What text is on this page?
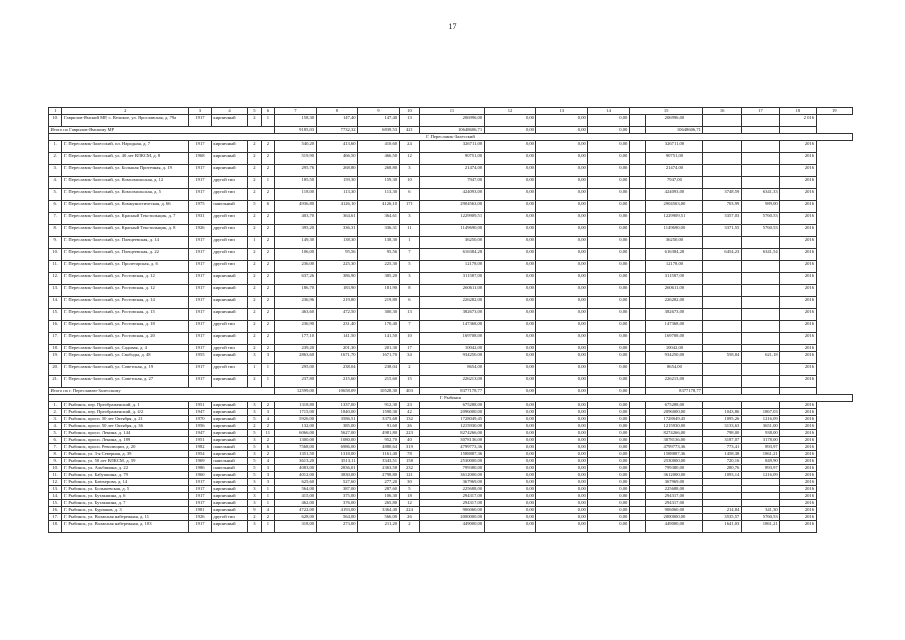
17
1	2	3	4	5	6	7	8	9	10	11	12	13	14	15		16	17	18	19
10.	Гаврилов-Ямский МР, с. Великое, ул. Ярославская, д. 79а	1917	кирпичный	2	1	158,30	147,40	147,40	13	206996,00	0,00	0,00	0,00		206996,00			2 016	
Итого по Гаврилов-Ямскому МР						9185,03	7732,32	6839,53	421	10648606,71	0,00	0,00	0,00		10648606,71				
Г. Переславль-Залесский																			
1.	Г. Переславль-Залесский, пл. Народная, д. 7	1917	кирпичный	2	2	540,20	413,60	410,60	24	326711,00	0,00	0,00	0,00		326711,00			2016	
2.	Г. Переславль-Залесский, ул. 40 лет ВЛКСМ, д. 8	1968	кирпичный	2	2	519,90	466,50	466,50	12	90751,00	0,00	0,00	0,00		90751,00			2016	
3.	Г. Переславль-Залесский, ул. Большая Протечная, д. 19	1917	кирпичный	2	2	295,76	268,80	268,80	3	21474,00	0,00	0,00	0,00		21474,00			2016	
4.	Г. Переславль-Залесский, ул. Комсомольская, д. 12	1917	другой тип	2	1	185,50	159,30	159,30	10	7947,00	0,00	0,00	0,00		7947,00			2016	
5.	Г. Переславль-Залесский, ул. Комсомольская, д. 5	1917	другой тип	2	2	118,00	113,30	113,30	6	424093,00	0,00	0,00	0,00		424093,00	3748,59	6341,33	2016	
6.	Г. Переславль-Залесский, ул. Коммунистическая, д. 66	1975	панельный	5	6	4936,80	4126,10	4126,10	171	2904563,00	0,00	0,00	0,00		2904563,00	703,99	989,00	2016	
7.	Г. Переславль-Залесский, ул. Красный Текстильщик, д. 7	1931	другой тип	2	2	403,70	364,61	364,61	3	1229909,51	0,00	0,00	0,00		1229909,51	3357,03	5760,53	2016	
8.	Г. Переславль-Залесский, ул. Красный Текстильщик, д. 8	1926	другой тип	2	2	395,20	336,31	336,31	11	1149690,00	0,00	0,00	0,00		1149690,00	3371,55	5760,53	2016	
9.	Г. Переславль-Залесский, ул. Плещеевская, д. 14	1917	другой тип	1	2	149,30	138,30	138,30	1	36250,00	0,00	0,00	0,00		36250,00			2016	
10.	Г. Переславль-Залесский, ул. Плещеевская, д. 22	1917	другой тип	2	2	106,00	95,56	95,56	7	616384,28	0,00	0,00	0,00		616384,28	6454,23	6341,54	2016	
11.	Г. Переславль-Залесский, ул. Пролетарская, д. 6	1917	другой тип	2	2	236,00	225,30	225,30	5	12178,00	0,00	0,00	0,00		12178,00			2016	
12.	Г. Переславль-Залесский, ул. Ростовская, д. 12	1917	кирпичный	2	2	637,26	386,90	385,20	3	311587,00	0,00	0,00	0,00		311587,00			2016	
13.	Г. Переславль-Залесский, ул. Ростовская, д. 12	1917	кирпичный	2	2	186,70	183,90	181,90	8	260611,00	0,00	0,00	0,00		260611,00			2016	
14.	Г. Переславль-Залесский, ул. Ростовская, д. 14	1917	кирпичный	2	2	236,96	219,80	219,80	6	226282,00	0,00	0,00	0,00		226282,00			2016	
15.	Г. Переславль-Залесский, ул. Ростовская, д. 15	1917	кирпичный	2	2	463,60	472,50	300,30	13	382673,00	0,00	0,00	0,00		382673,00			2016	
16.	Г. Переславль-Залесский, ул. Ростовская, д. 18	1917	другой тип	2	2	236,90	231,40	170,40	7	147368,00	0,00	0,00	0,00		147368,00			2016	
17.	Г. Переславль-Залесский, ул. Ростовская, д. 20	1917	кирпичный	2	2	177,10	141,50	141,50	10	169708,00	0,00	0,00	0,00		169708,00			2016	
18.	Г. Переславль-Залесский, ул. Садовая, д. 4	1917	другой тип	2	2	239,20	201,30	201,30	17	10042,00	0,00	0,00	0,00		10042,00			2016	
19.	Г. Переславль-Залесский, ул. Свободы, д. 48	1955	кирпичный	3	3	2863,60	1671,70	1671,70	34	934250,00	0,00	0,00	0,00		934250,00	558,84	621,18	2016	
20.	Г. Переславль-Залесский, ул. Советская, д. 19	1917	другой тип	1	1	295,00	238,04	238,04	2	8654,00	0,00	0,00	0,00		8654,00			2016	
21.	Г. Переславль-Залесский, ул. Советская, д. 27	1917	кирпичный	2	1	237,80	215,60	215,60	15	226213,00	0,00	0,00	0,00		226213,00			2016	
Итого по г. Переславлю-Залесскому						12599,00	10658,09	10528,30	403	8377178,77	0,00	0,00	0,00		8377178,77				
Г. Рыбинск																			
1.	Г. Рыбинск, пер. Преображенский, д. 1	1951	кирпичный	3	2	1318,80	1337,00	912,30	23	675288,00	0,00	0,00	0,00		675288,00			2016	
2.	Г. Рыбинск, пер. Преображенский, д. 4/2	1947	кирпичный	3	3	1715,00	1840,00	1590,30	42	2096000,00	0,00	0,00	0,00		2096000,00	1043,86	1867,03	2016	
3.	Г. Рыбинск, просп. 50 лет Октября, д. 21	1970	кирпичный	5	4	5926,00	3586,51	3375,68	132	1728049,45	0,00	0,00	0,00		1728049,45	1095,26	1216,09	2016	
4.	Г. Рыбинск, просп. 50 лет Октября, д. 36	1956	кирпичный	2	2	132,00	385,00	91,60	26	1215930,00	0,00	0,00	0,00		1215930,00	3133,63	3651,00	2016	
5.	Г. Рыбинск, просп. Ленина, д. 144	1947	кирпичный	5	11	6066,00	5627,00	4981,80	223	8274266,00	0,00	0,00	0,00		8274266,00	798,00	938,00	2016	
6.	Г. Рыбинск, просп. Ленина, д. 189	1951	кирпичный	3	2	1300,00	1080,00	952,70	40	3078136,00	0,00	0,00	0,00		3078136,00	3187,07	3178,00	2016	
7.	Г. Рыбинск, просп. Революции, д. 20	1982	панельный	5	6	7568,00	6986,00	4880,64	319	4799773,36	0,00	0,00	0,00		4799773,36	773,41	893,97	2016	
8.	Г. Рыбинск, ул. 3-я Северная, д. 39	1954	кирпичный	3	2	1351,50	1318,00	1161,40	78	1588887,36	0,00	0,00	0,00		1588887,36	1458,38	1861,21	2016	
9.	Г. Рыбинск, ул. 50 лет ВЛКСМ, д. 59	1969	панельный	5	4	3613,20	3513,11	3343,51	158	2530000,00	0,00	0,00	0,00		2530000,00	720,16	849,90	2016	
10.	Г. Рыбинск, ул. Альбинина, д. 22	1986	панельный	5	3	4083,00	2836,01	2363,58	232	799380,00	0,00	0,00	0,00		799380,00	280,76	893,97	2016	
11.	Г. Рыбинск, ул. Бабушкина, д. 79	1960	кирпичный	5	3	4012,00	3830,00	2798,80	121	3612000,00	0,00	0,00	0,00		3612000,00	1093,14	1216,09	2016	
12.	Г. Рыбинск, ул. Блюхерова, д. 14	1917	кирпичный	3	3	625,60	527,60	277,20	30	367969,00	0,00	0,00	0,00		367969,00			2016	
13.	Г. Рыбинск, ул. Большевская, д. 5	1917	кирпичный	3	1	564,00	387,00	287,60	5	225688,00	0,00	0,00	0,00		225688,00			2016	
14.	Г. Рыбинск, ул. Бутакшина, д. 6	1917	кирпичный	3	1	415,00	375,00	106,30	18	294317,00	0,00	0,00	0,00		294317,00			2016	
15.	Г. Рыбинск, ул. Бутакшина, д. 7	1917	кирпичный	3	1	462,00	376,00	265,80	12	294317,00	0,00	0,00	0,00		294317,00			2016	
16.	Г. Рыбинск, ул. Бурлаков, д. 3	1981	кирпичный	9	4	4722,00	4193,00	3364,40	224	906060,00	0,00	0,00	0,00		906060,00	214,84	341,30	2016	
17.	Г. Рыбинск, ул. Волжская набережная, д. 11	1926	другой тип	2	2	628,00	564,00	566,00	26	2000000,00	0,00	0,00	0,00		2000000,00	3535,57	5760,53	2016	
18.	Г. Рыбинск, ул. Волжская набережная, д. 103	1917	кирпичный	3	1	318,00	273,00	211,20	2	449000,00	0,00	0,00	0,00		449000,00	1641,03	1861,21	2016	
